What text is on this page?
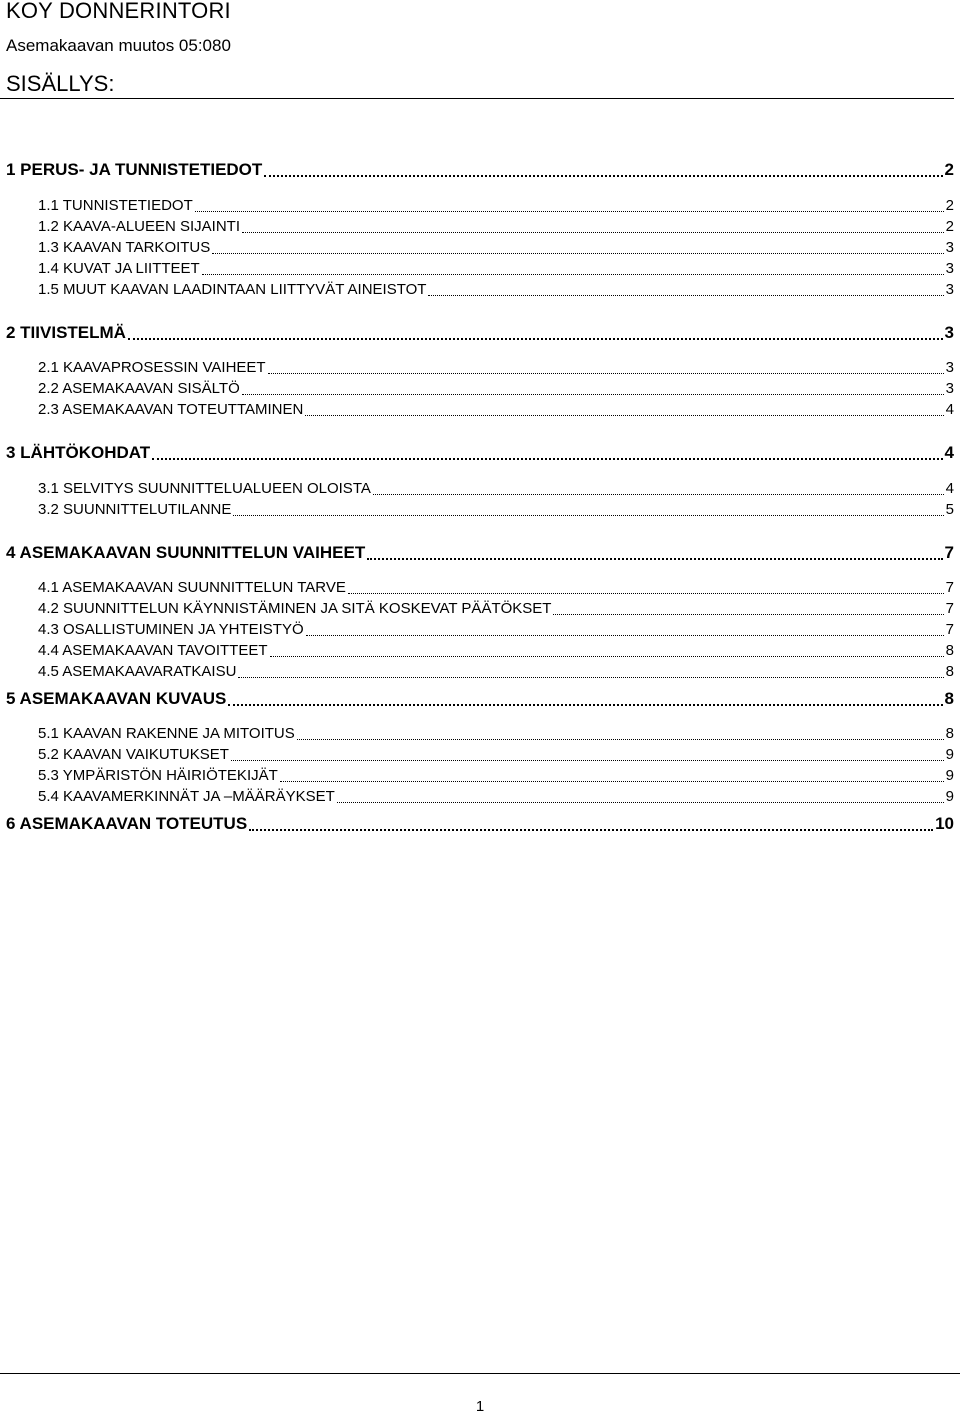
KOY DONNERINTORI
Asemakaavan muutos 05:080
SISÄLLYS:
1 PERUS- JA TUNNISTETIEDOT	2
1.1 TUNNISTETIEDOT	2
1.2 KAAVA-ALUEEN SIJAINTI	2
1.3 KAAVAN TARKOITUS	3
1.4 KUVAT JA LIITTEET	3
1.5 MUUT KAAVAN LAADINTAAN LIITTYVÄT AINEISTOT	3
2 TIIVISTELMÄ	3
2.1 KAAVAPROSESSIN VAIHEET	3
2.2 ASEMAKAAVAN SISÄLTÖ	3
2.3 ASEMAKAAVAN TOTEUTTAMINEN	4
3 LÄHTÖKOHDAT	4
3.1 SELVITYS SUUNNITTELUALUEEN OLOISTA	4
3.2 SUUNNITTELUTILANNE	5
4 ASEMAKAAVAN SUUNNITTELUN VAIHEET	7
4.1 ASEMAKAAVAN SUUNNITTELUN TARVE	7
4.2 SUUNNITTELUN KÄYNNISTÄMINEN JA SITÄ KOSKEVAT PÄÄTÖKSET	7
4.3 OSALLISTUMINEN JA YHTEISTYÖ	7
4.4 ASEMAKAAVAN TAVOITTEET	8
4.5 ASEMAKAAVARATKAISU	8
5 ASEMAKAAVAN KUVAUS	8
5.1 KAAVAN RAKENNE JA MITOITUS	8
5.2 KAAVAN VAIKUTUKSET	9
5.3 YMPÄRISTÖN HÄIRIÖTEKIJÄT	9
5.4 KAAVAMERKINNÄT JA –MÄÄRÄYKSET	9
6 ASEMAKAAVAN TOTEUTUS	10
1
